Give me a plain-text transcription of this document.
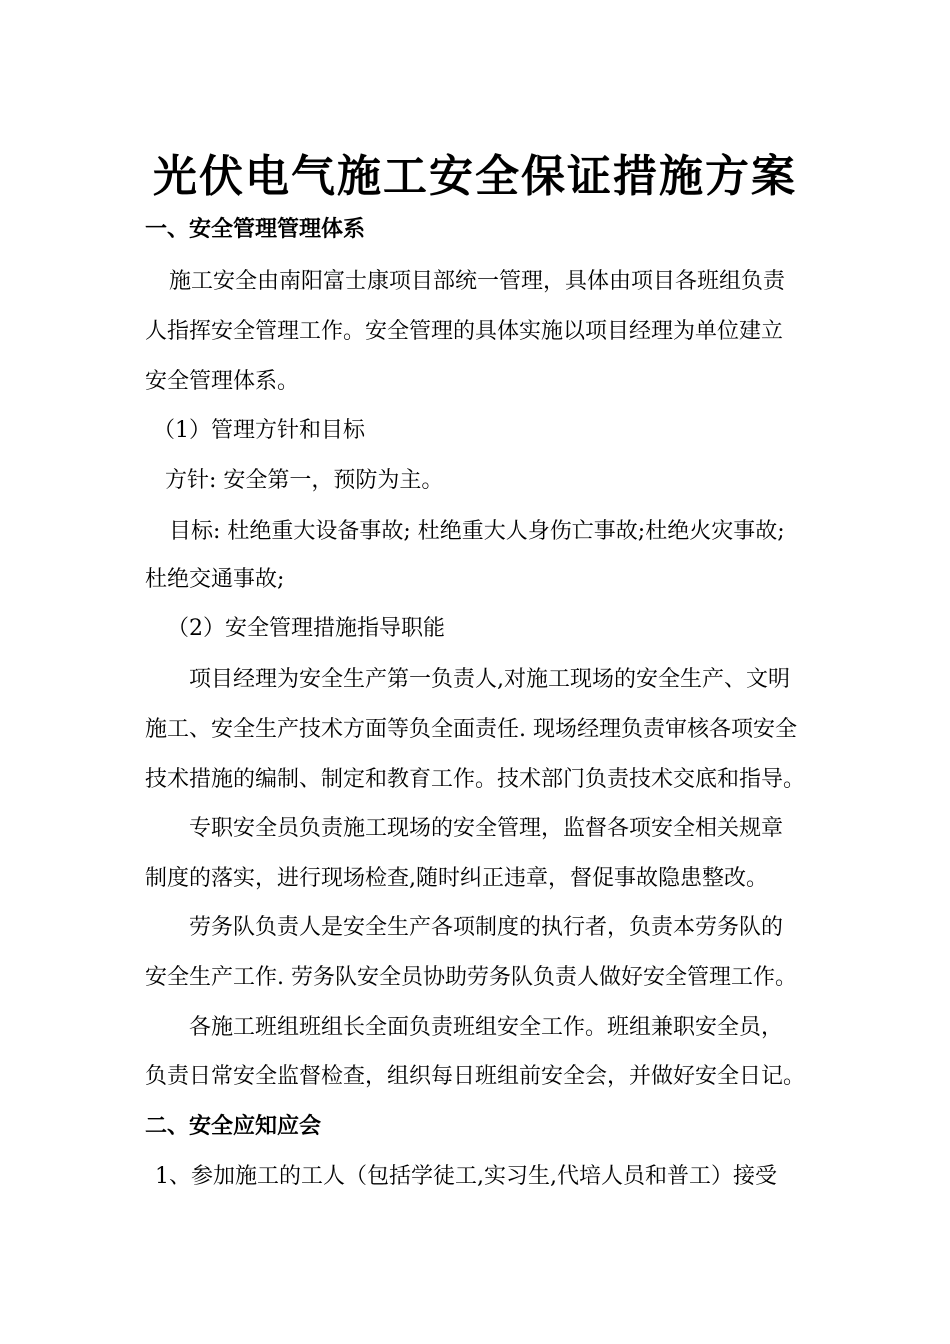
光伏电气施工安全保证措施方案
一、安全管理管理体系
施工安全由南阳富士康项目部统一管理，具体由项目各班组负责
人指挥安全管理工作。安全管理的具体实施以项目经理为单位建立
安全管理体系。
（1）管理方针和目标
方针: 安全第一，预防为主。
目标: 杜绝重大设备事故; 杜绝重大人身伤亡事故;杜绝火灾事故;
杜绝交通事故;
（2）安全管理措施指导职能
项目经理为安全生产第一负责人,对施工现场的安全生产、文明
施工、安全生产技术方面等负全面责任. 现场经理负责审核各项安全
技术措施的编制、制定和教育工作。技术部门负责技术交底和指导。
专职安全员负责施工现场的安全管理，监督各项安全相关规章
制度的落实，进行现场检查,随时纠正违章，督促事故隐患整改。
劳务队负责人是安全生产各项制度的执行者，负责本劳务队的
安全生产工作. 劳务队安全员协助劳务队负责人做好安全管理工作。
各施工班组班组长全面负责班组安全工作。班组兼职安全员，
负责日常安全监督检查，组织每日班组前安全会，并做好安全日记。
二、安全应知应会
1、参加施工的工人（包括学徒工,实习生,代培人员和普工）接受
